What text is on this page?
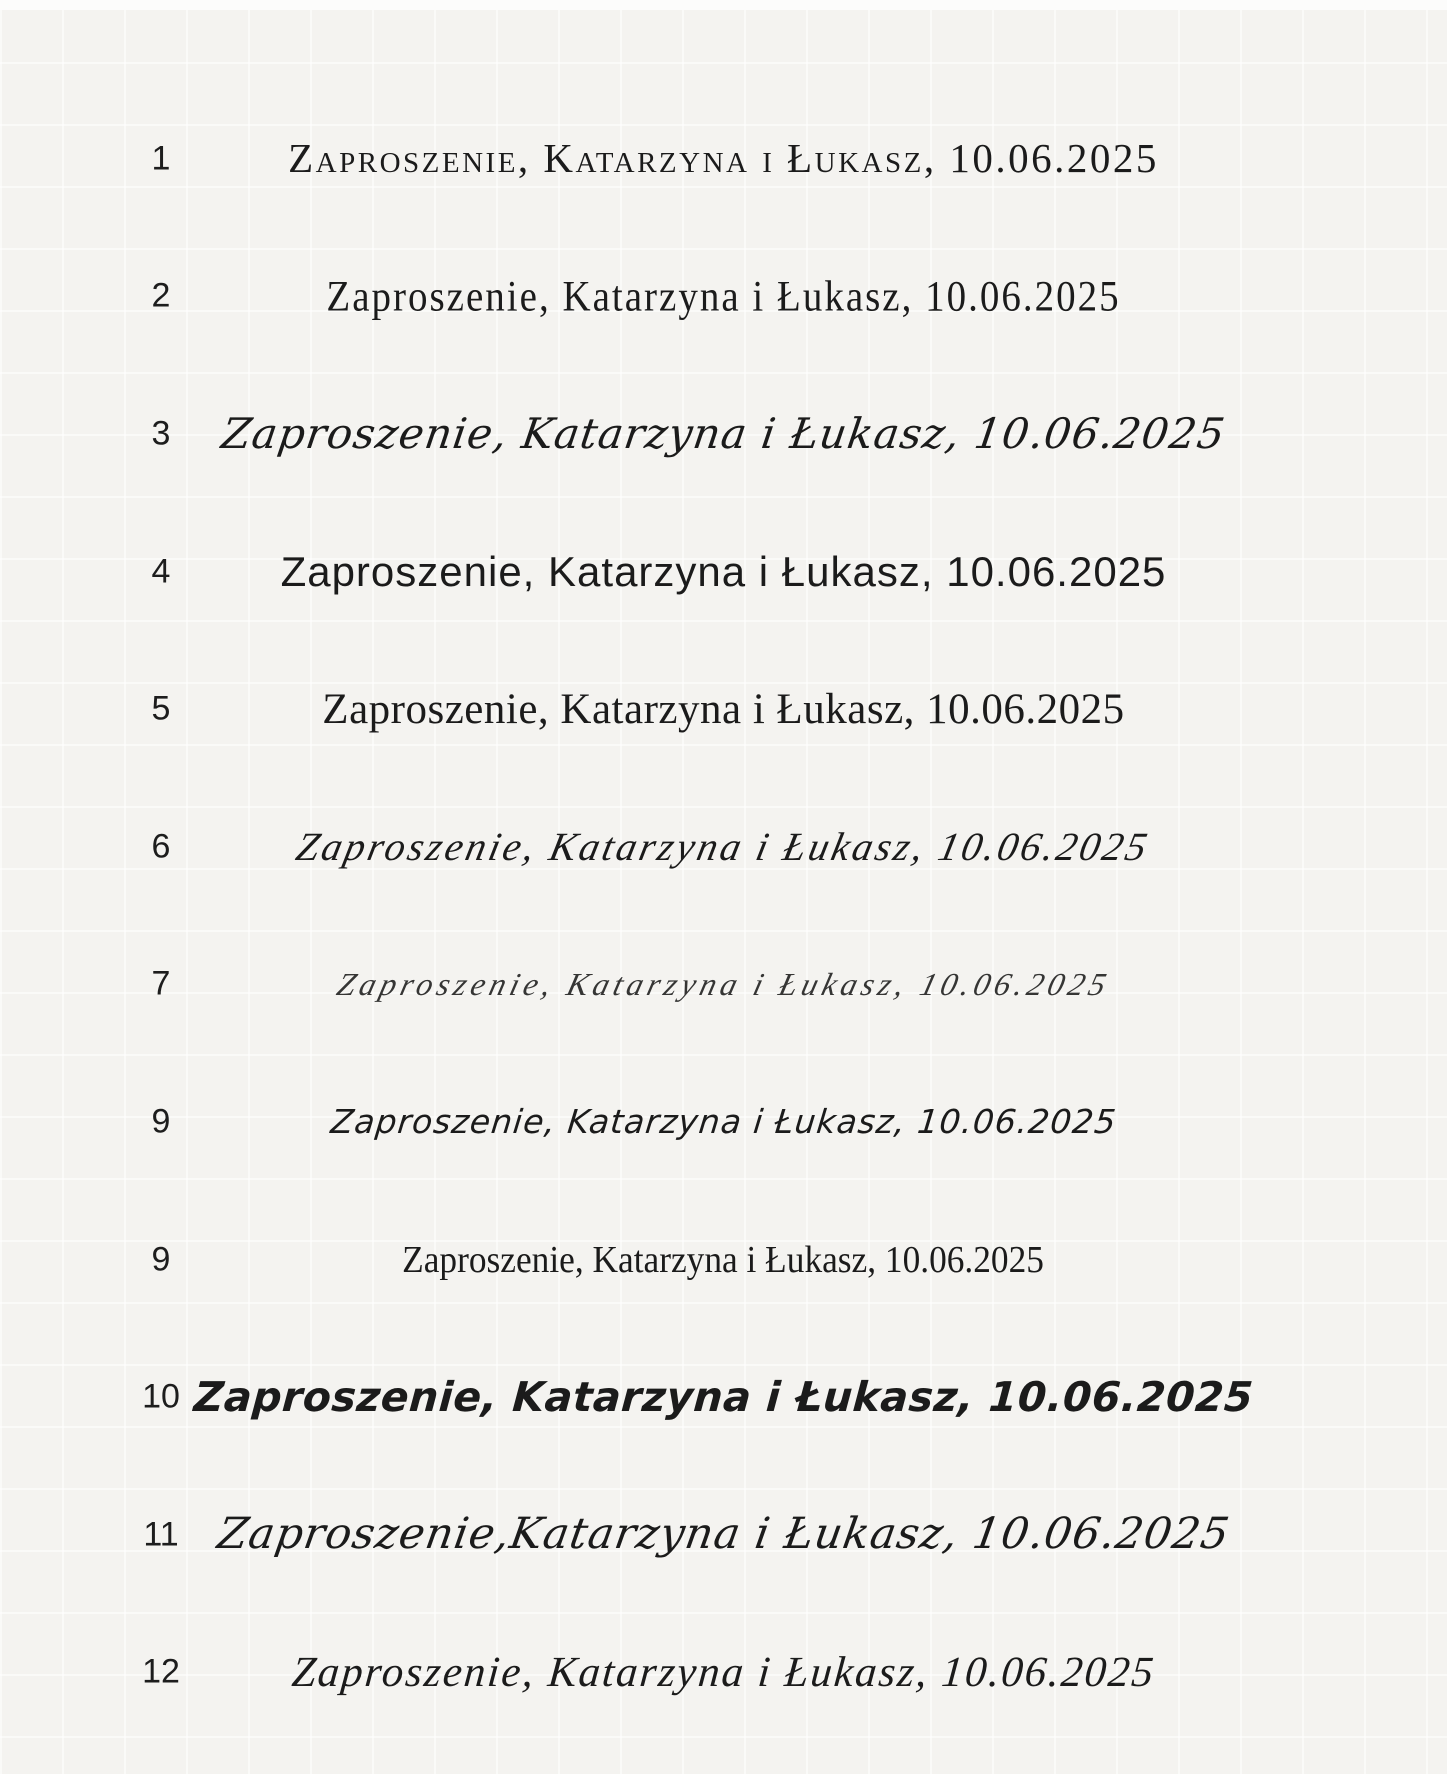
1	Zaproszenie, Katarzyna i Łukasz, 10.06.2025
2	Zaproszenie, Katarzyna i Łukasz, 10.06.2025
3	Zaproszenie, Katarzyna i Łukasz, 10.06.2025
4	Zaproszenie, Katarzyna i Łukasz, 10.06.2025
5	Zaproszenie, Katarzyna i Łukasz, 10.06.2025
6	Zaproszenie, Katarzyna i Łukasz, 10.06.2025
7	Zaproszenie, Katarzyna i Łukasz, 10.06.2025
9	Zaproszenie, Katarzyna i Łukasz, 10.06.2025
9	Zaproszenie, Katarzyna i Łukasz, 10.06.2025
10 Zaproszenie, Katarzyna i Łukasz, 10.06.2025
11 Zaproszenie,Katarzyna i Łukasz, 10.06.2025
12	Zaproszenie, Katarzyna i Łukasz, 10.06.2025
